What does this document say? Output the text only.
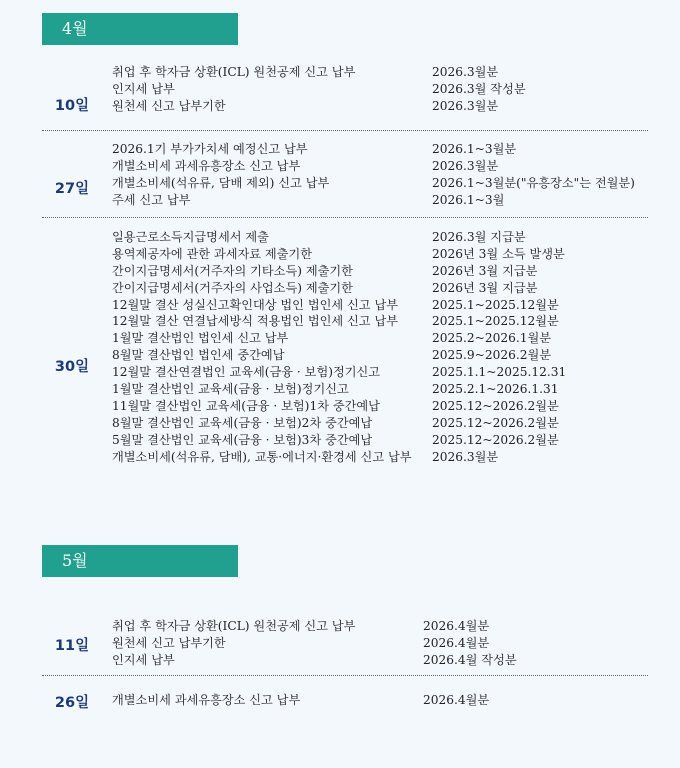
4월
10일
취업 후 학자금 상환(ICL) 원천공제 신고 납부	2026.3월분
인지세 납부	2026.3월 작성분
원천세 신고 납부기한	2026.3월분
27일
2026.1기 부가가치세 예정신고 납부	2026.1~3월분
개별소비세 과세유흥장소 신고 납부	2026.3월분
개별소비세(석유류, 담배 제외) 신고 납부	2026.1~3월분("유흥장소"는 전월분)
주세 신고 납부	2026.1~3월
30일
일용근로소득지급명세서 제출	2026.3월 지급분
용역제공자에 관한 과세자료 제출기한	2026년 3월 소득 발생분
간이지급명세서(거주자의 기타소득) 제출기한	2026년 3월 지급분
간이지급명세서(거주자의 사업소득) 제출기한	2026년 3월 지급분
12월말 결산 성실신고확인대상 법인 법인세 신고 납부	2025.1~2025.12월분
12월말 결산 연결납세방식 적용법인 법인세 신고 납부	2025.1~2025.12월분
1월말 결산법인 법인세 신고 납부	2025.2~2026.1월분
8월말 결산법인 법인세 중간예납	2025.9~2026.2월분
12월말 결산연결법인 교육세(금융 · 보험)정기신고	2025.1.1~2025.12.31
1월말 결산법인 교육세(금융 · 보험)정기신고	2025.2.1~2026.1.31
11월말 결산법인 교육세(금융 · 보험)1차 중간예납	2025.12~2026.2월분
8월말 결산법인 교육세(금융 · 보험)2차 중간예납	2025.12~2026.2월분
5월말 결산법인 교육세(금융 · 보험)3차 중간예납	2025.12~2026.2월분
개별소비세(석유류, 담배), 교통·에너지·환경세 신고 납부 2026.3월분
5월
11일
취업 후 학자금 상환(ICL) 원천공제 신고 납부	2026.4월분
원천세 신고 납부기한	2026.4월분
인지세 납부	2026.4월 작성분
26일	개별소비세 과세유흥장소 신고 납부	2026.4월분
